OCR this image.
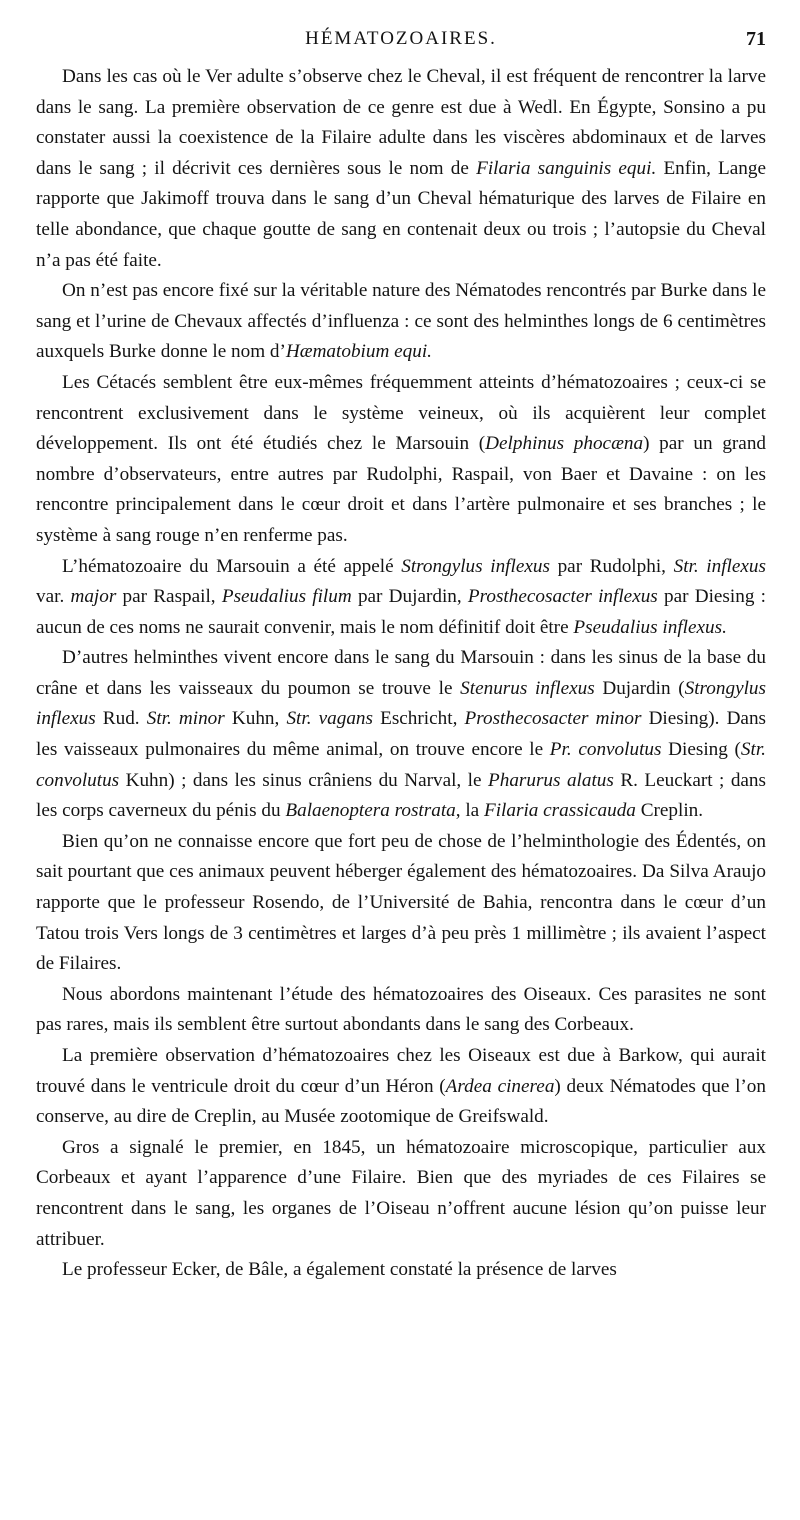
HÉMATOZOAIRES.	71

Dans les cas où le Ver adulte s’observe chez le Cheval, il est fréquent de rencontrer la larve dans le sang. La première observation de ce genre est due à Wedl. En Égypte, Sonsino a pu constater aussi la coexistence de la Filaire adulte dans les viscères abdominaux et de larves dans le sang ; il décrivit ces dernières sous le nom de Filaria sanguinis equi. Enfin, Lange rapporte que Jakimoff trouva dans le sang d’un Cheval hématurique des larves de Filaire en telle abondance, que chaque goutte de sang en contenait deux ou trois ; l’autopsie du Cheval n’a pas été faite.

On n’est pas encore fixé sur la véritable nature des Nématodes rencontrés par Burke dans le sang et l’urine de Chevaux affectés d’influenza : ce sont des helminthes longs de 6 centimètres auxquels Burke donne le nom d’Hæmatobium equi.

Les Cétacés semblent être eux-mêmes fréquemment atteints d’hématozoaires ; ceux-ci se rencontrent exclusivement dans le système veineux, où ils acquièrent leur complet développement. Ils ont été étudiés chez le Marsouin (Delphinus phocæna) par un grand nombre d’observateurs, entre autres par Rudolphi, Raspail, von Baer et Davaine : on les rencontre principalement dans le cœur droit et dans l’artère pulmonaire et ses branches ; le système à sang rouge n’en renferme pas.

L’hématozoaire du Marsouin a été appelé Strongylus inflexus par Rudolphi, Str. inflexus var. major par Raspail, Pseudalius filum par Dujardin, Prosthecosacter inflexus par Diesing : aucun de ces noms ne saurait convenir, mais le nom définitif doit être Pseudalius inflexus.

D’autres helminthes vivent encore dans le sang du Marsouin : dans les sinus de la base du crâne et dans les vaisseaux du poumon se trouve le Stenurus inflexus Dujardin (Strongylus inflexus Rud. Str. minor Kuhn, Str. vagans Eschricht, Prosthecosacter minor Diesing). Dans les vaisseaux pulmonaires du même animal, on trouve encore le Pr. convolutus Diesing (Str. convolutus Kuhn) ; dans les sinus crâniens du Narval, le Pharurus alatus R. Leuckart ; dans les corps caverneux du pénis du Balaenoptera rostrata, la Filaria crassicauda Creplin.

Bien qu’on ne connaisse encore que fort peu de chose de l’helminthologie des Édentés, on sait pourtant que ces animaux peuvent héberger également des hématozoaires. Da Silva Araujo rapporte que le professeur Rosendo, de l’Université de Bahia, rencontra dans le cœur d’un Tatou trois Vers longs de 3 centimètres et larges d’à peu près 1 millimètre ; ils avaient l’aspect de Filaires.

Nous abordons maintenant l’étude des hématozoaires des Oiseaux. Ces parasites ne sont pas rares, mais ils semblent être surtout abondants dans le sang des Corbeaux.

La première observation d’hématozoaires chez les Oiseaux est due à Barkow, qui aurait trouvé dans le ventricule droit du cœur d’un Héron (Ardea cinerea) deux Nématodes que l’on conserve, au dire de Creplin, au Musée zootomique de Greifswald.

Gros a signalé le premier, en 1845, un hématozoaire microscopique, particulier aux Corbeaux et ayant l’apparence d’une Filaire. Bien que des myriades de ces Filaires se rencontrent dans le sang, les organes de l’Oiseau n’offrent aucune lésion qu’on puisse leur attribuer.

Le professeur Ecker, de Bâle, a également constaté la présence de larves
